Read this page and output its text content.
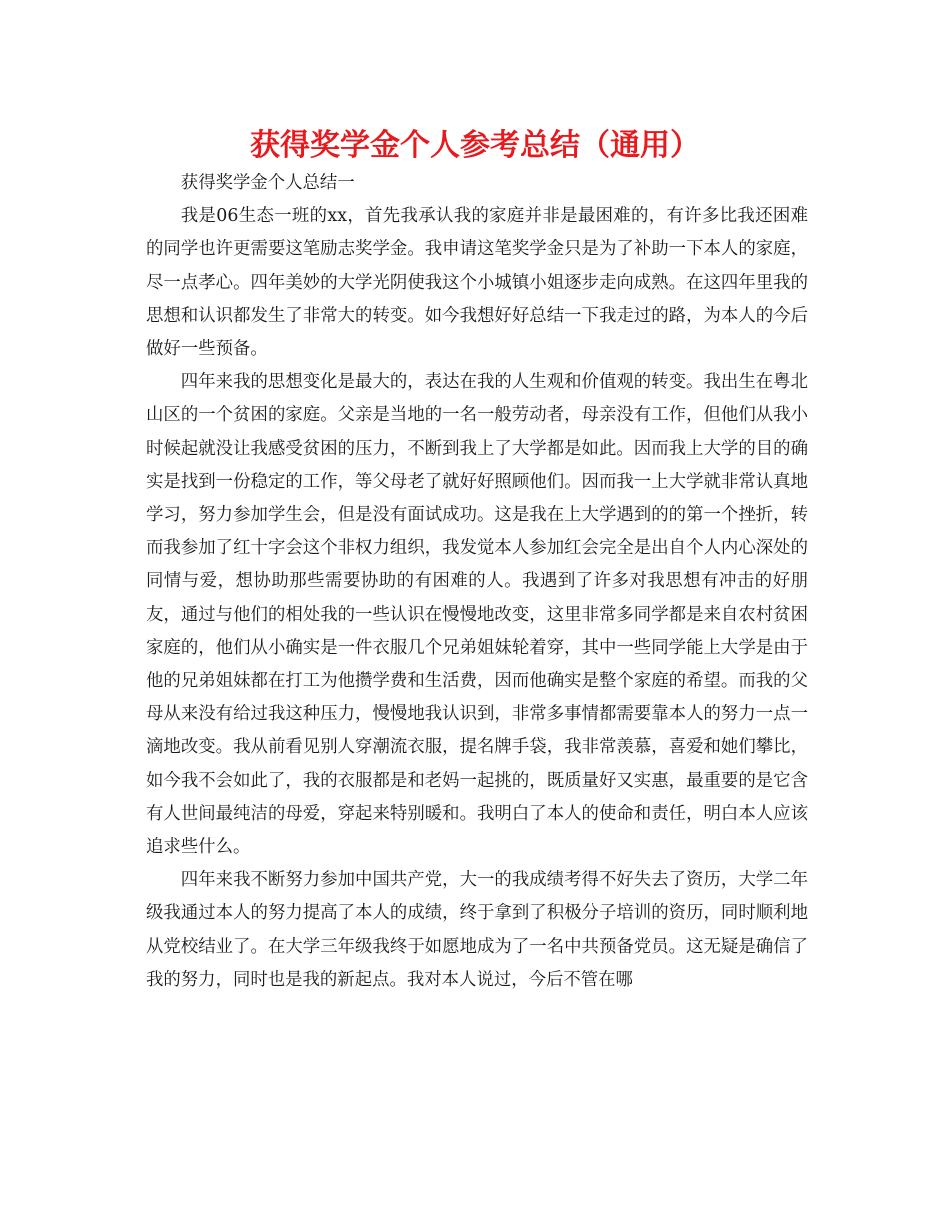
获得奖学金个人参考总结（通用）

获得奖学金个人总结一

我是06生态一班的xx，首先我承认我的家庭并非是最困难的，有许多比我还困难的同学也许更需要这笔励志奖学金。我申请这笔奖学金只是为了补助一下本人的家庭，尽一点孝心。四年美妙的大学光阴使我这个小城镇小姐逐步走向成熟。在这四年里我的思想和认识都发生了非常大的转变。如今我想好好总结一下我走过的路，为本人的今后做好一些预备。

四年来我的思想变化是最大的，表达在我的人生观和价值观的转变。我出生在粤北山区的一个贫困的家庭。父亲是当地的一名一般劳动者，母亲没有工作，但他们从我小时候起就没让我感受贫困的压力，不断到我上了大学都是如此。因而我上大学的目的确实是找到一份稳定的工作，等父母老了就好好照顾他们。因而我一上大学就非常认真地学习，努力参加学生会，但是没有面试成功。这是我在上大学遇到的的第一个挫折，转而我参加了红十字会这个非权力组织，我发觉本人参加红会完全是出自个人内心深处的同情与爱，想协助那些需要协助的有困难的人。我遇到了许多对我思想有冲击的好朋友，通过与他们的相处我的一些认识在慢慢地改变，这里非常多同学都是来自农村贫困家庭的，他们从小确实是一件衣服几个兄弟姐妹轮着穿，其中一些同学能上大学是由于他的兄弟姐妹都在打工为他攒学费和生活费，因而他确实是整个家庭的希望。而我的父母从来没有给过我这种压力，慢慢地我认识到，非常多事情都需要靠本人的努力一点一滴地改变。我从前看见别人穿潮流衣服，提名牌手袋，我非常羡慕，喜爱和她们攀比，如今我不会如此了，我的衣服都是和老妈一起挑的，既质量好又实惠，最重要的是它含有人世间最纯洁的母爱，穿起来特别暖和。我明白了本人的使命和责任，明白本人应该追求些什么。

四年来我不断努力参加中国共产党，大一的我成绩考得不好失去了资历，大学二年级我通过本人的努力提高了本人的成绩，终于拿到了积极分子培训的资历，同时顺利地从党校结业了。在大学三年级我终于如愿地成为了一名中共预备党员。这无疑是确信了我的努力，同时也是我的新起点。我对本人说过，今后不管在哪
